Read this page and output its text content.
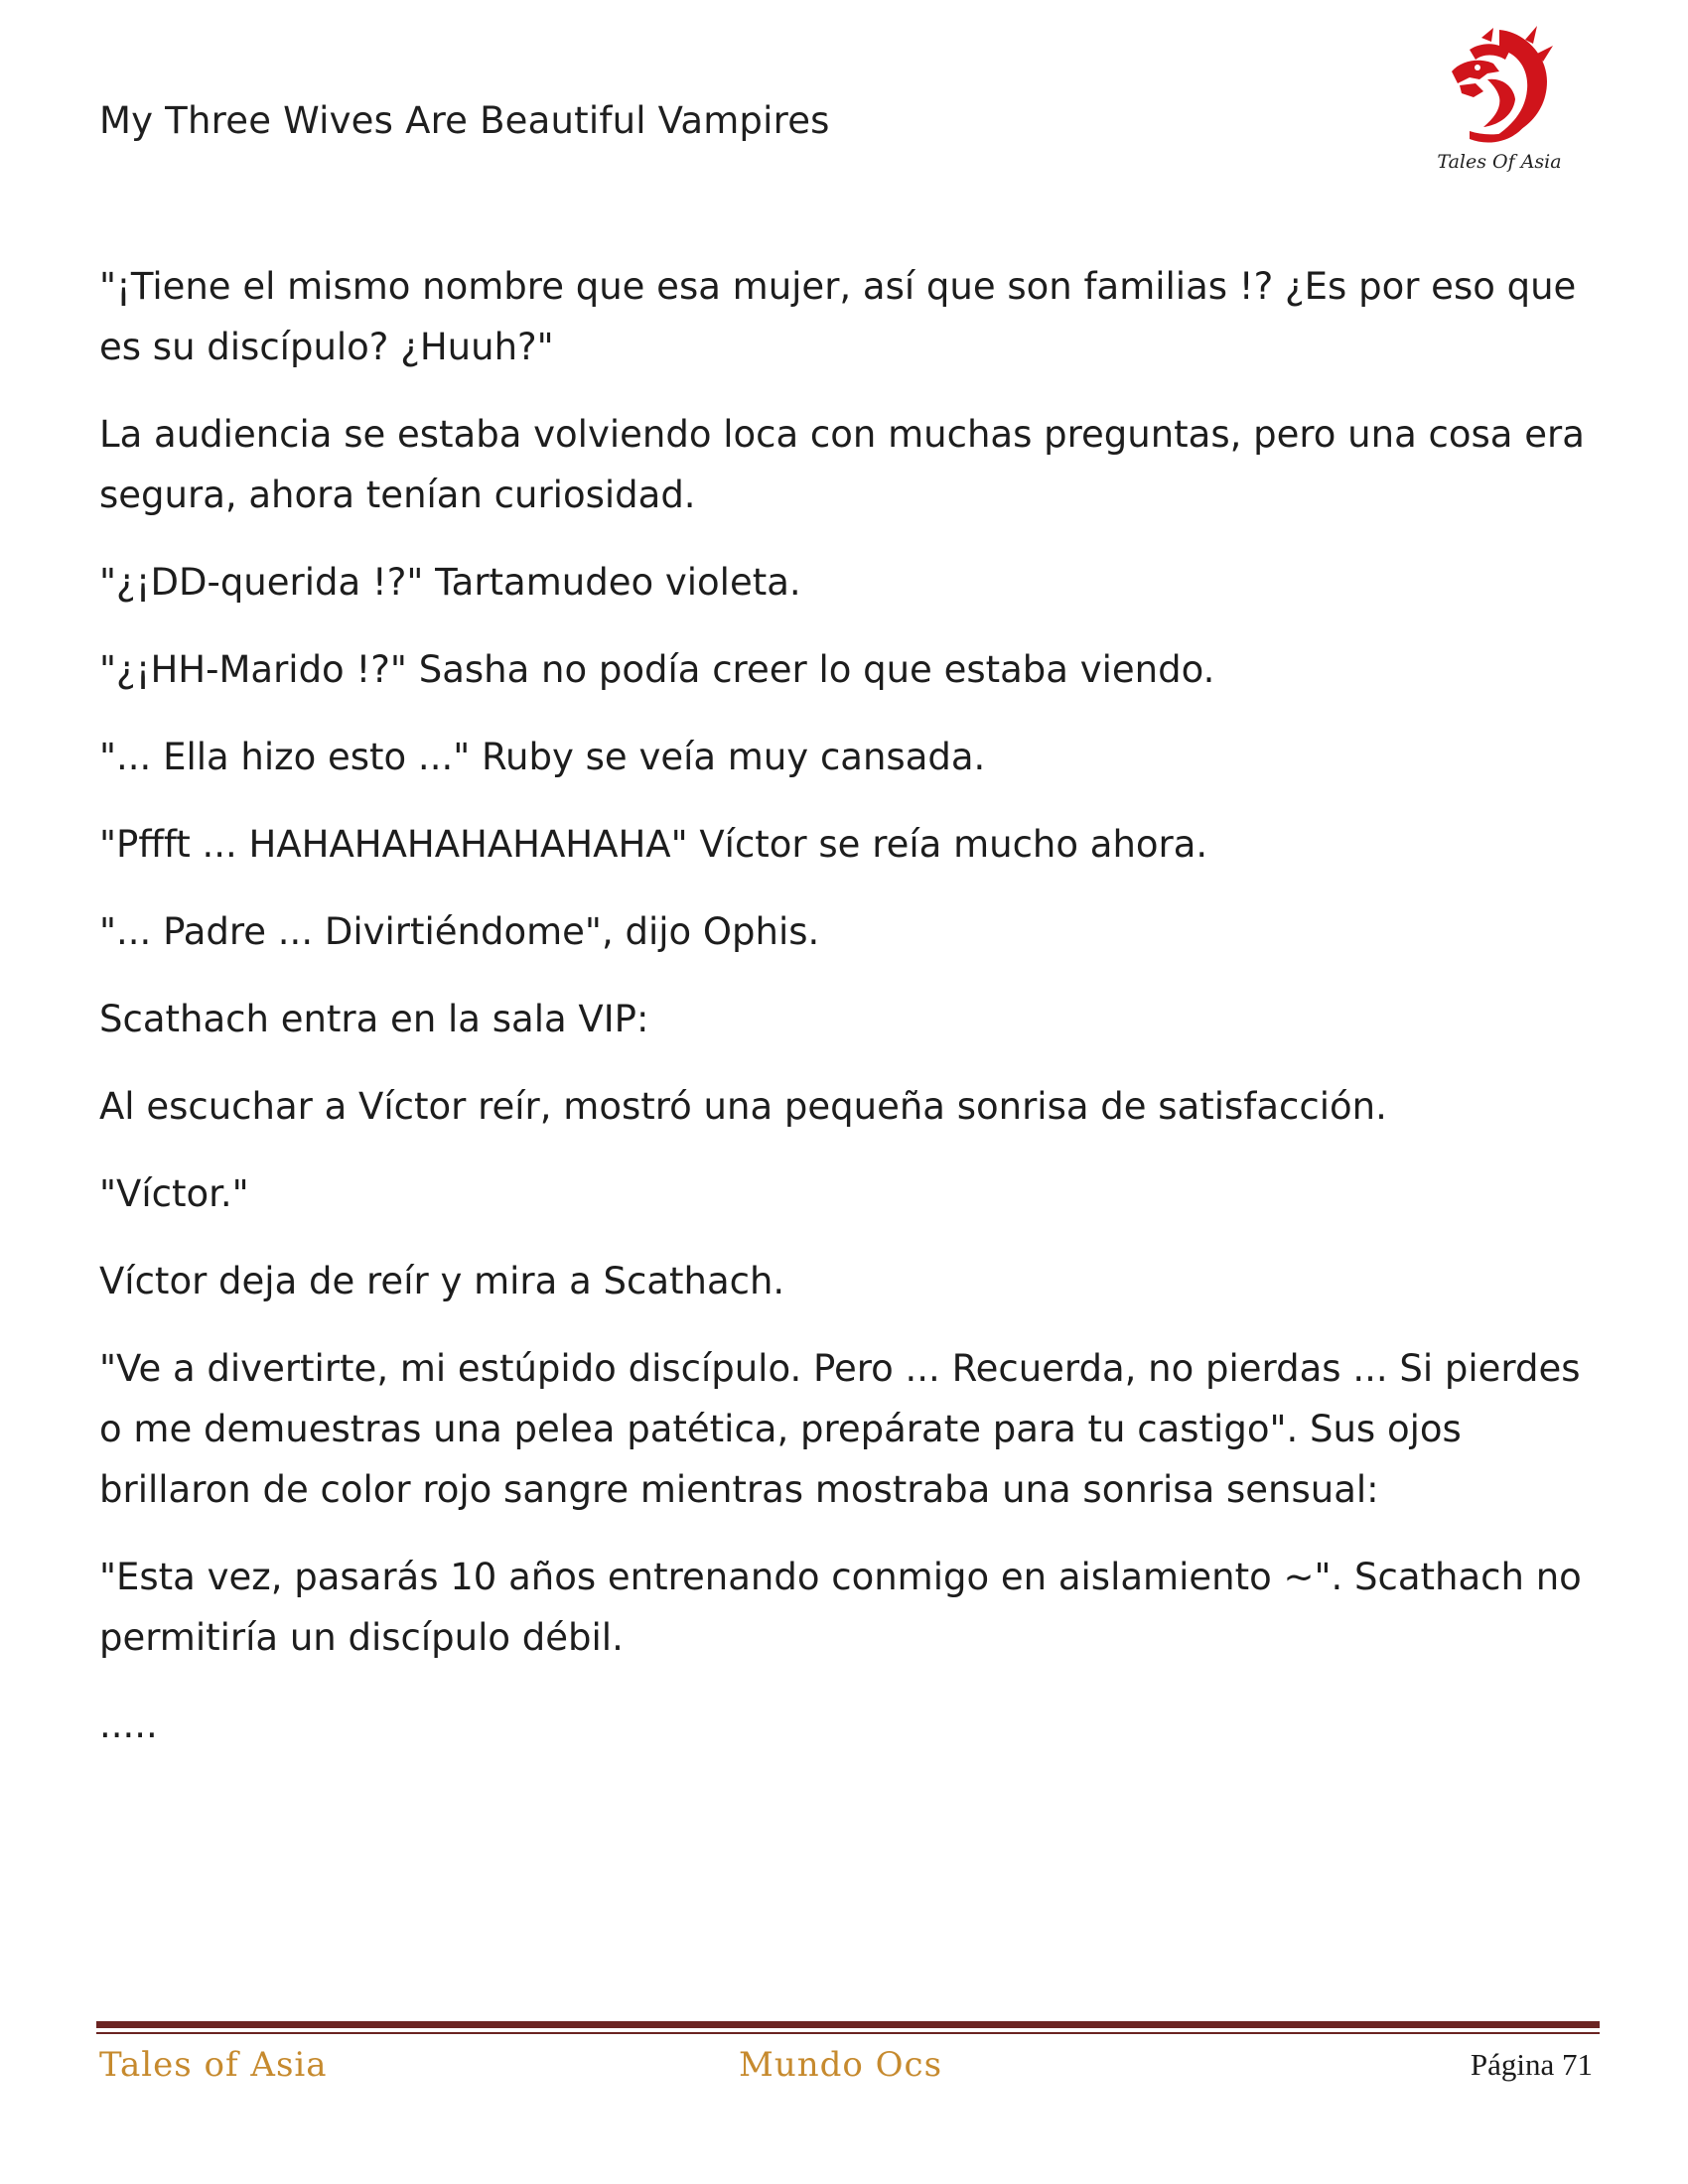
My Three Wives Are Beautiful Vampires
Tales Of Asia

"¡Tiene el mismo nombre que esa mujer, así que son familias !? ¿Es por eso que es su discípulo? ¿Huuh?"

La audiencia se estaba volviendo loca con muchas preguntas, pero una cosa era segura, ahora tenían curiosidad.

"¿¡DD-querida !?" Tartamudeo violeta.

"¿¡HH-Marido !?" Sasha no podía creer lo que estaba viendo.

"... Ella hizo esto ..." Ruby se veía muy cansada.

"Pffft ... HAHAHAHAHAHAHAHA" Víctor se reía mucho ahora.

"... Padre ... Divirtiéndome", dijo Ophis.

Scathach entra en la sala VIP:

Al escuchar a Víctor reír, mostró una pequeña sonrisa de satisfacción.

"Víctor."

Víctor deja de reír y mira a Scathach.

"Ve a divertirte, mi estúpido discípulo. Pero ... Recuerda, no pierdas ... Si pierdes o me demuestras una pelea patética, prepárate para tu castigo". Sus ojos brillaron de color rojo sangre mientras mostraba una sonrisa sensual:

"Esta vez, pasarás 10 años entrenando conmigo en aislamiento ~". Scathach no permitiría un discípulo débil.

.....

Tales of Asia	Mundo Ocs	Página 71
